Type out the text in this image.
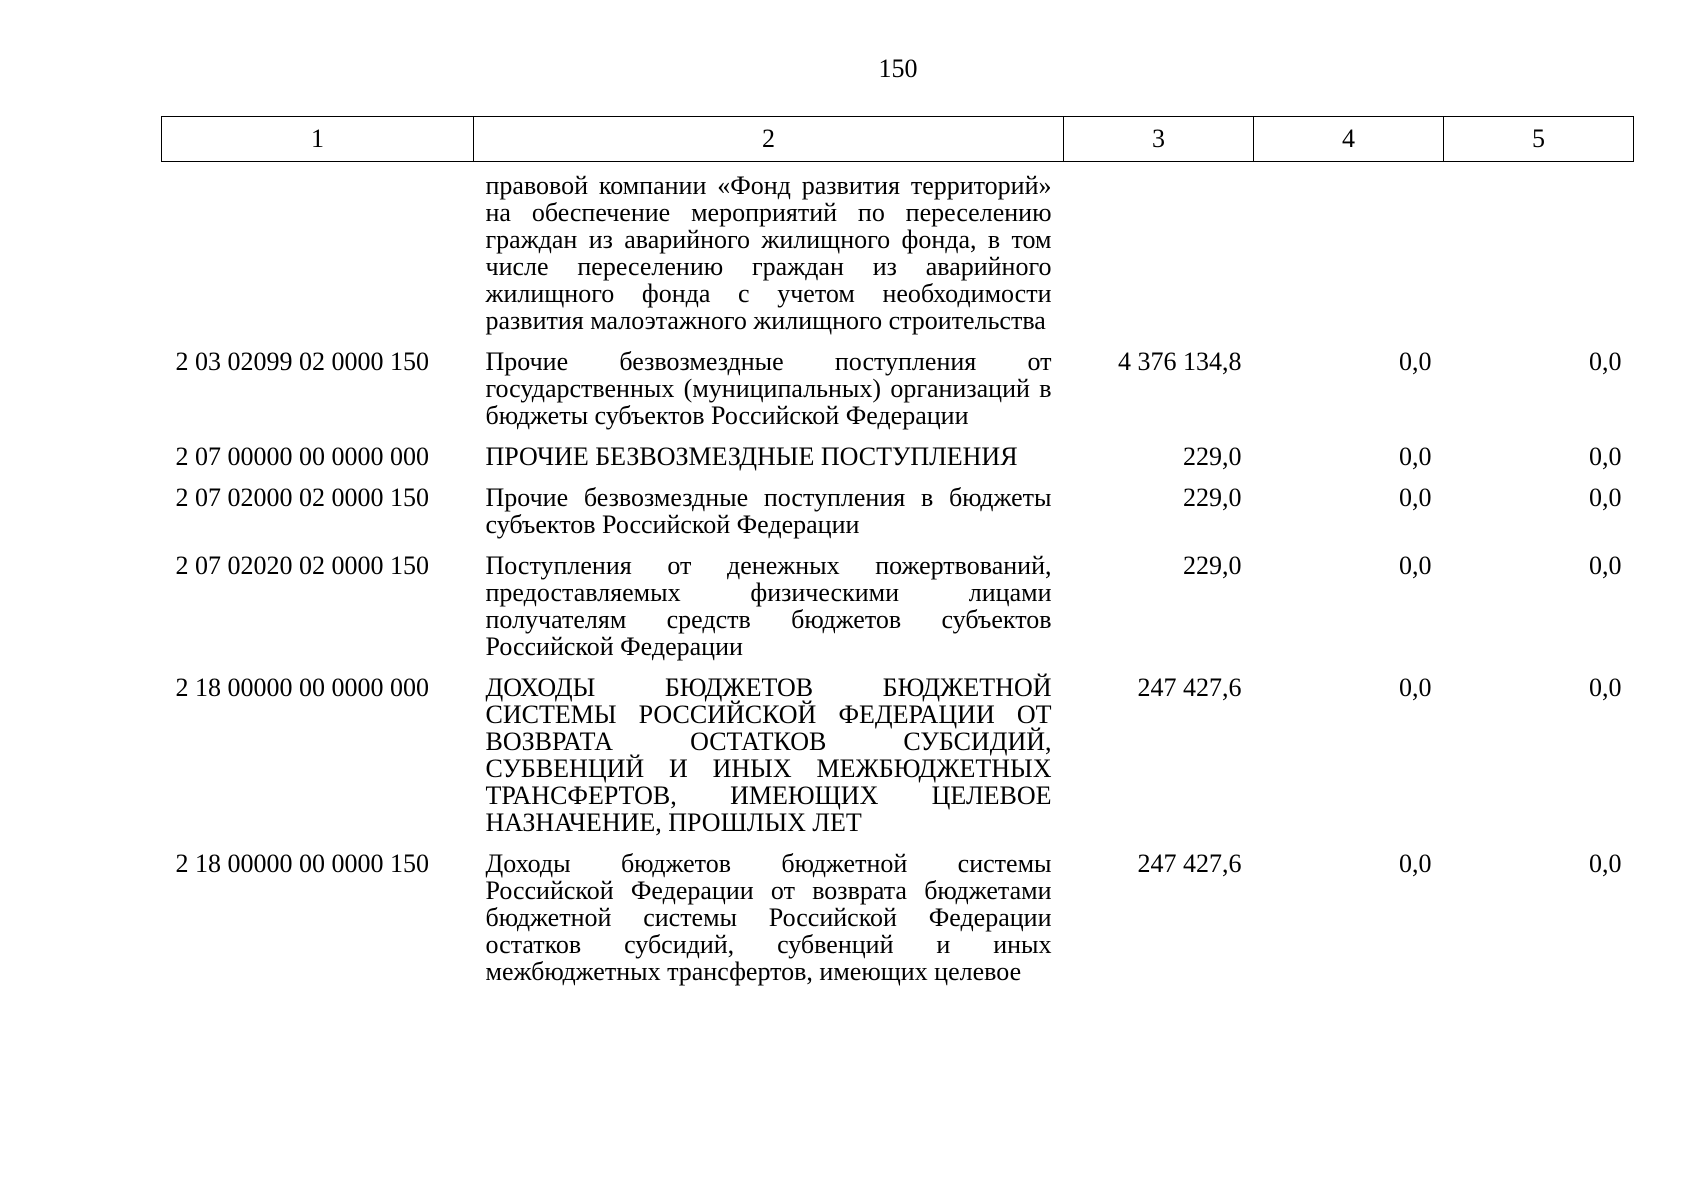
150
1	2	3	4	5
	правовой компании «Фонд развития территорий» на обеспечение мероприятий по переселению граждан из аварийного жилищного фонда, в том числе переселению граждан из аварийного жилищного фонда с учетом необходимости развития малоэтажного жилищного строительства			
2 03 02099 02 0000 150	Прочие безвозмездные поступления от государственных (муниципальных) организаций в бюджеты субъектов Российской Федерации	4 376 134,8	0,0	0,0
2 07 00000 00 0000 000	ПРОЧИЕ БЕЗВОЗМЕЗДНЫЕ ПОСТУПЛЕНИЯ	229,0	0,0	0,0
2 07 02000 02 0000 150	Прочие безвозмездные поступления в бюджеты субъектов Российской Федерации	229,0	0,0	0,0
2 07 02020 02 0000 150	Поступления от денежных пожертвований, предоставляемых физическими лицами получателям средств бюджетов субъектов Российской Федерации	229,0	0,0	0,0
2 18 00000 00 0000 000	ДОХОДЫ БЮДЖЕТОВ БЮДЖЕТНОЙ СИСТЕМЫ РОССИЙСКОЙ ФЕДЕРАЦИИ ОТ ВОЗВРАТА ОСТАТКОВ СУБСИДИЙ, СУБВЕНЦИЙ И ИНЫХ МЕЖБЮДЖЕТНЫХ ТРАНСФЕРТОВ, ИМЕЮЩИХ ЦЕЛЕВОЕ НАЗНАЧЕНИЕ, ПРОШЛЫХ ЛЕТ	247 427,6	0,0	0,0
2 18 00000 00 0000 150	Доходы бюджетов бюджетной системы Российской Федерации от возврата бюджетами бюджетной системы Российской Федерации остатков субсидий, субвенций и иных межбюджетных трансфертов, имеющих целевое	247 427,6	0,0	0,0
